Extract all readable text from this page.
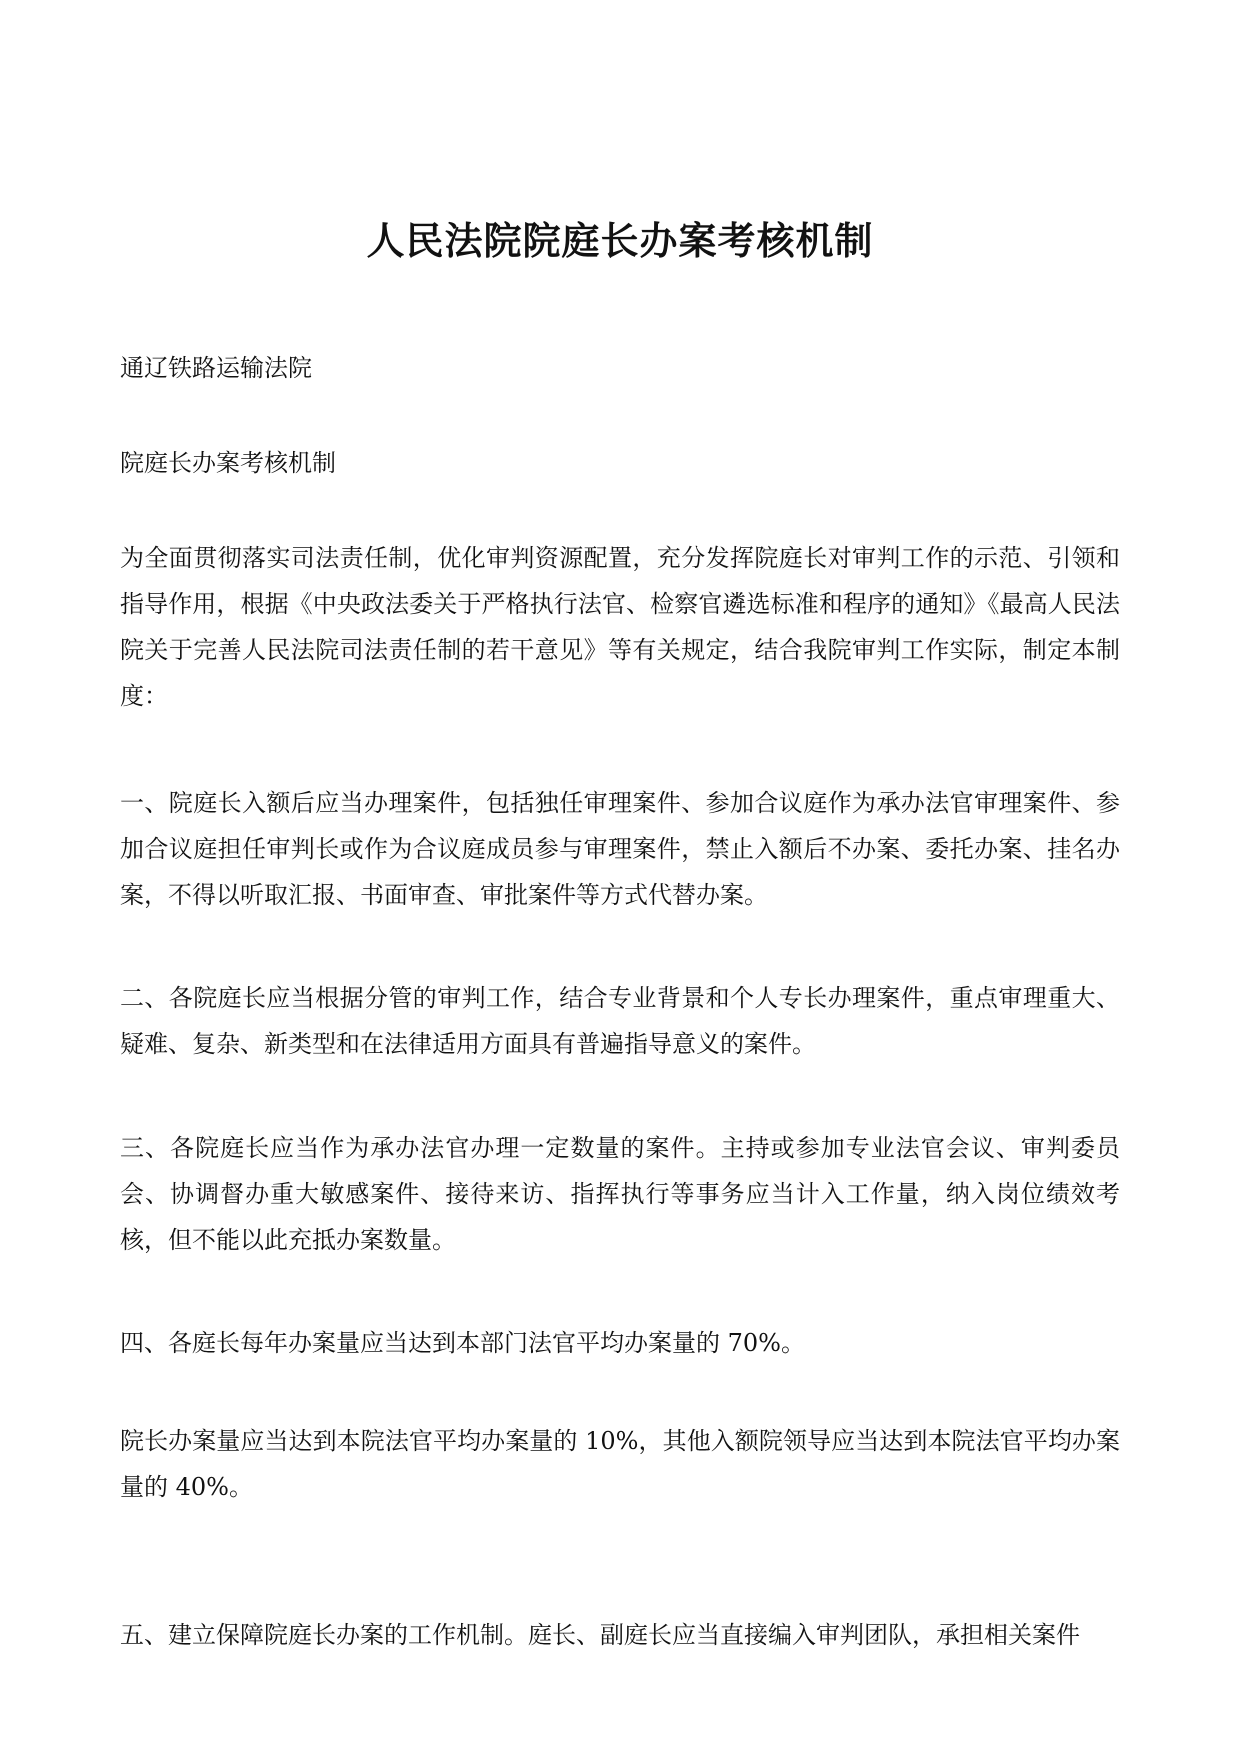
人民法院院庭长办案考核机制

通辽铁路运输法院

院庭长办案考核机制

为全面贯彻落实司法责任制，优化审判资源配置，充分发挥院庭长对审判工作的示范、引领和指导作用，根据《中央政法委关于严格执行法官、检察官遴选标准和程序的通知》《最高人民法院关于完善人民法院司法责任制的若干意见》等有关规定，结合我院审判工作实际，制定本制度：

一、院庭长入额后应当办理案件，包括独任审理案件、参加合议庭作为承办法官审理案件、参加合议庭担任审判长或作为合议庭成员参与审理案件，禁止入额后不办案、委托办案、挂名办案，不得以听取汇报、书面审查、审批案件等方式代替办案。

二、各院庭长应当根据分管的审判工作，结合专业背景和个人专长办理案件，重点审理重大、疑难、复杂、新类型和在法律适用方面具有普遍指导意义的案件。

三、各院庭长应当作为承办法官办理一定数量的案件。主持或参加专业法官会议、审判委员会、协调督办重大敏感案件、接待来访、指挥执行等事务应当计入工作量，纳入岗位绩效考核，但不能以此充抵办案数量。

四、各庭长每年办案量应当达到本部门法官平均办案量的 70%。

院长办案量应当达到本院法官平均办案量的 10%，其他入额院领导应当达到本院法官平均办案量的 40%。

五、建立保障院庭长办案的工作机制。庭长、副庭长应当直接编入审判团队，承担相关案件
